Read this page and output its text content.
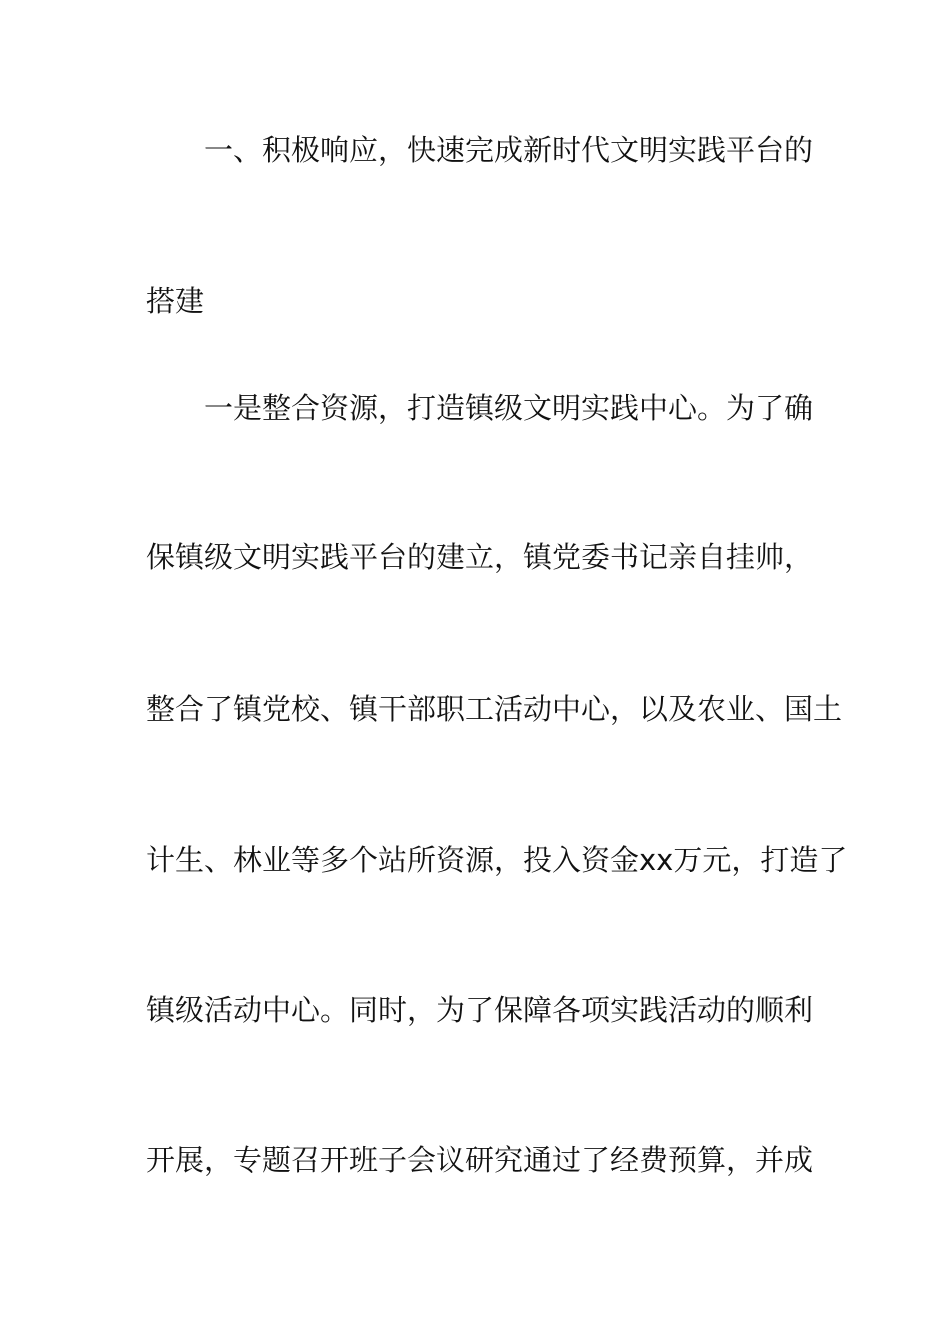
一、积极响应，快速完成新时代文明实践平台的

搭建

一是整合资源，打造镇级文明实践中心。为了确

保镇级文明实践平台的建立，镇党委书记亲自挂帅，

整合了镇党校、镇干部职工活动中心，以及农业、国土

计生、林业等多个站所资源，投入资金xx万元，打造了

镇级活动中心。同时，为了保障各项实践活动的顺利

开展，专题召开班子会议研究通过了经费预算，并成
